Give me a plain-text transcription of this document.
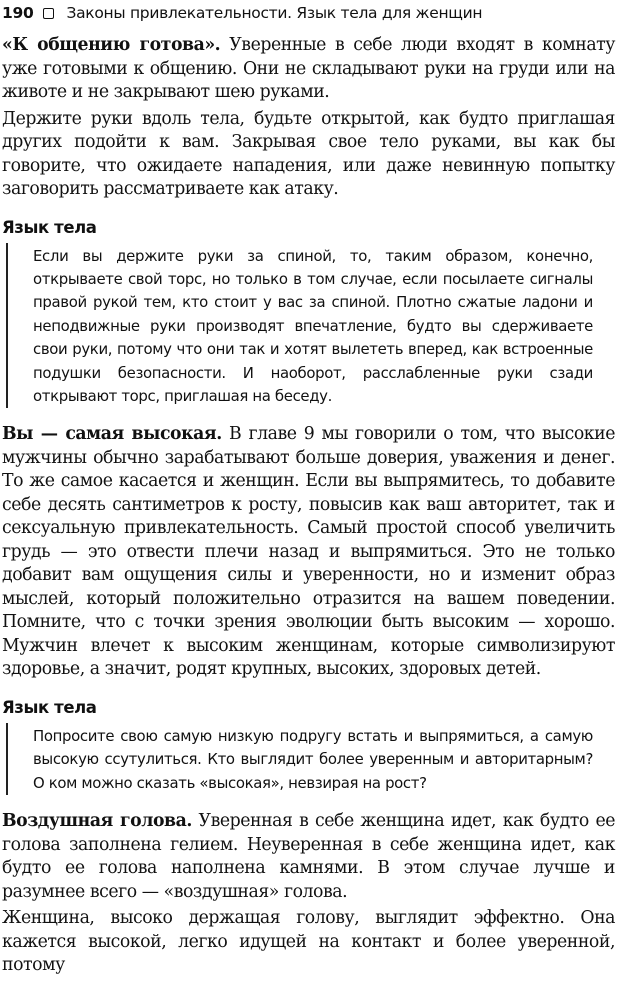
190 Законы привлекательности. Язык тела для женщин

«К общению готова». Уверенные в себе люди входят в комнату уже готовыми к общению. Они не складывают руки на груди или на животе и не закрывают шею руками.

Держите руки вдоль тела, будьте открытой, как будто приглашая других подойти к вам. Закрывая свое тело руками, вы как бы говорите, что ожидаете нападения, или даже невинную попытку заговорить рассматриваете как атаку.

Язык тела

Если вы держите руки за спиной, то, таким образом, конечно, открываете свой торс, но только в том случае, если посылаете сигналы правой рукой тем, кто стоит у вас за спиной. Плотно сжатые ладони и неподвижные руки производят впечатление, будто вы сдерживаете свои руки, потому что они так и хотят вылететь вперед, как встроенные подушки безопасности. И наоборот, расслабленные руки сзади открывают торс, приглашая на беседу.

Вы — самая высокая. В главе 9 мы говорили о том, что высокие мужчины обычно зарабатывают больше доверия, уважения и денег. То же самое касается и женщин. Если вы выпрямитесь, то добавите себе десять сантиметров к росту, повысив как ваш авторитет, так и сексуальную привлекательность. Самый простой способ увеличить грудь — это отвести плечи назад и выпрямиться. Это не только добавит вам ощущения силы и уверенности, но и изменит образ мыслей, который положительно отразится на вашем поведении. Помните, что с точки зрения эволюции быть высоким — хорошо. Мужчин влечет к высоким женщинам, которые символизируют здоровье, а значит, родят крупных, высоких, здоровых детей.

Язык тела

Попросите свою самую низкую подругу встать и выпрямиться, а самую высокую ссутулиться. Кто выглядит более уверенным и авторитарным? О ком можно сказать «высокая», невзирая на рост?

Воздушная голова. Уверенная в себе женщина идет, как будто ее голова заполнена гелием. Неуверенная в себе женщина идет, как будто ее голова наполнена камнями. В этом случае лучше и разумнее всего — «воздушная» голова.

Женщина, высоко держащая голову, выглядит эффектно. Она кажется высокой, легко идущей на контакт и более уверенной, потому
